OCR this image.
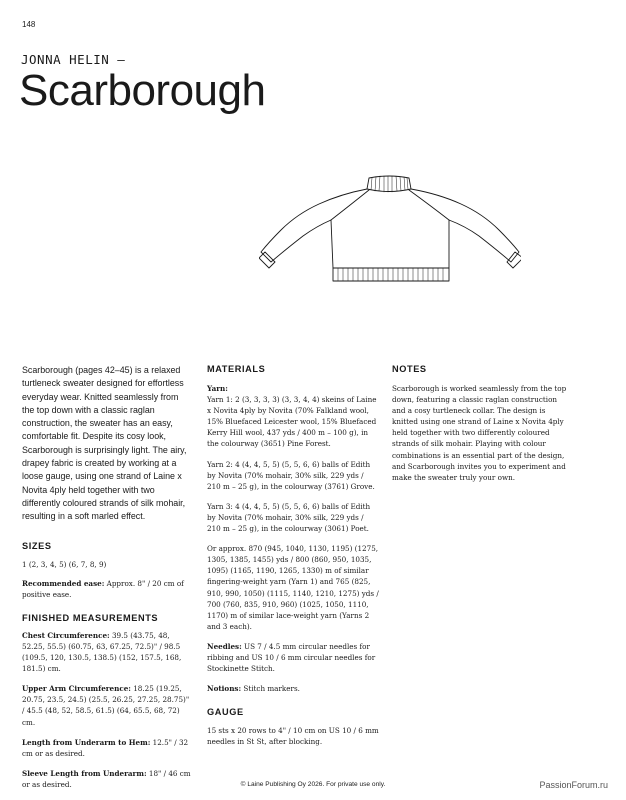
148
JONNA HELIN –
Scarborough

Scarborough (pages 42–45) is a relaxed turtleneck sweater designed for effortless everyday wear. Knitted seamlessly from the top down with a classic raglan construction, the sweater has an easy, comfortable fit. Despite its cosy look, Scarborough is surprisingly light. The airy, drapey fabric is created by working at a loose gauge, using one strand of Laine x Novita 4ply held together with two differently coloured strands of silk mohair, resulting in a soft marled effect.

SIZES

1 (2, 3, 4, 5) (6, 7, 8, 9)

Recommended ease: Approx. 8" / 20 cm of positive ease.

FINISHED MEASUREMENTS

Chest Circumference: 39.5 (43.75, 48, 52.25, 55.5) (60.75, 63, 67.25, 72.5)" / 98.5 (109.5, 120, 130.5, 138.5) (152, 157.5, 168, 181.5) cm.

Upper Arm Circumference: 18.25 (19.25, 20.75, 23.5, 24.5) (25.5, 26.25, 27.25, 28.75)" / 45.5 (48, 52, 58.5, 61.5) (64, 65.5, 68, 72) cm.

Length from Underarm to Hem: 12.5" / 32 cm or as desired.

Sleeve Length from Underarm: 18" / 46 cm or as desired.

MATERIALS

Yarn:

Yarn 1: 2 (3, 3, 3, 3) (3, 3, 4, 4) skeins of Laine x Novita 4ply by Novita (70% Falkland wool, 15% Bluefaced Leicester wool, 15% Bluefaced Kerry Hill wool, 437 yds / 400 m – 100 g), in the colourway (3651) Pine Forest.

Yarn 2: 4 (4, 4, 5, 5) (5, 5, 6, 6) balls of Edith by Novita (70% mohair, 30% silk, 229 yds / 210 m – 25 g), in the colourway (3761) Grove.

Yarn 3: 4 (4, 4, 5, 5) (5, 5, 6, 6) balls of Edith by Novita (70% mohair, 30% silk, 229 yds / 210 m – 25 g), in the colourway (3061) Poet.

Or approx. 870 (945, 1040, 1130, 1195) (1275, 1305, 1385, 1455) yds / 800 (860, 950, 1035, 1095) (1165, 1190, 1265, 1330) m of similar fingering-weight yarn (Yarn 1) and 765 (825, 910, 990, 1050) (1115, 1140, 1210, 1275) yds / 700 (760, 835, 910, 960) (1025, 1050, 1110, 1170) m of similar lace-weight yarn (Yarns 2 and 3 each).

Needles: US 7 / 4.5 mm circular needles for ribbing and US 10 / 6 mm circular needles for Stockinette Stitch.

Notions: Stitch markers.

GAUGE

15 sts x 20 rows to 4" / 10 cm on US 10 / 6 mm needles in St St, after blocking.

NOTES

Scarborough is worked seamlessly from the top down, featuring a classic raglan construction and a cosy turtleneck collar. The design is knitted using one strand of Laine x Novita 4ply held together with two differently coloured strands of silk mohair. Playing with colour combinations is an essential part of the design, and Scarborough invites you to experiment and make the sweater truly your own.

© Laine Publishing Oy 2026. For private use only.	PassionForum.ru
